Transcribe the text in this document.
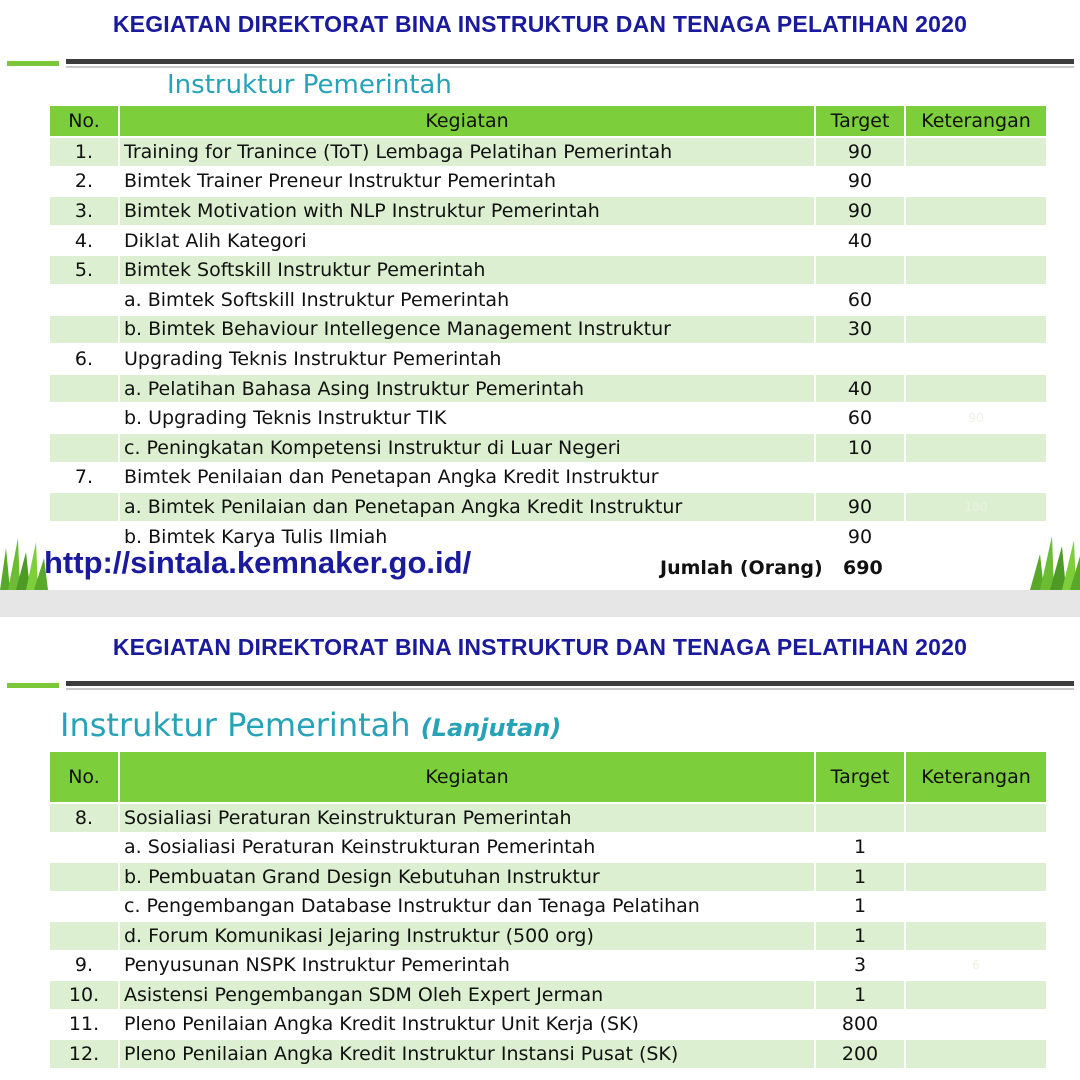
KEGIATAN DIREKTORAT BINA INSTRUKTUR DAN TENAGA PELATIHAN 2020
Instruktur Pemerintah
No.	Kegiatan	Target	Keterangan
1.	Training for Tranince (ToT) Lembaga Pelatihan Pemerintah	90	
2.	Bimtek Trainer Preneur Instruktur Pemerintah	90	
3.	Bimtek Motivation with NLP Instruktur Pemerintah	90	
4.	Diklat Alih Kategori	40	
5.	Bimtek Softskill Instruktur Pemerintah		
	a. Bimtek Softskill Instruktur Pemerintah	60	
	b. Bimtek Behaviour Intellegence Management Instruktur	30	
6.	Upgrading Teknis Instruktur Pemerintah		
	a. Pelatihan Bahasa Asing Instruktur Pemerintah	40	
	b. Upgrading Teknis Instruktur TIK	60	90
	c. Peningkatan Kompetensi Instruktur di Luar Negeri	10	
7.	Bimtek Penilaian dan Penetapan Angka Kredit Instruktur		
	a. Bimtek Penilaian dan Penetapan Angka Kredit Instruktur	90	180
	b. Bimtek Karya Tulis Ilmiah	90	
http://sintala.kemnaker.go.id/	Jumlah (Orang) 690
KEGIATAN DIREKTORAT BINA INSTRUKTUR DAN TENAGA PELATIHAN 2020
Instruktur Pemerintah (Lanjutan)
No.	Kegiatan	Target	Keterangan
8.	Sosialiasi Peraturan Keinstrukturan Pemerintah		
	a. Sosialiasi Peraturan Keinstrukturan Pemerintah	1	
	b. Pembuatan Grand Design Kebutuhan Instruktur	1	
	c. Pengembangan Database Instruktur dan Tenaga Pelatihan	1	
	d. Forum Komunikasi Jejaring Instruktur (500 org)	1	
9.	Penyusunan NSPK Instruktur Pemerintah	3	6
10.	Asistensi Pengembangan SDM Oleh Expert Jerman	1	
11.	Pleno Penilaian Angka Kredit Instruktur Unit Kerja (SK)	800	
12.	Pleno Penilaian Angka Kredit Instruktur Instansi Pusat (SK)	200	
